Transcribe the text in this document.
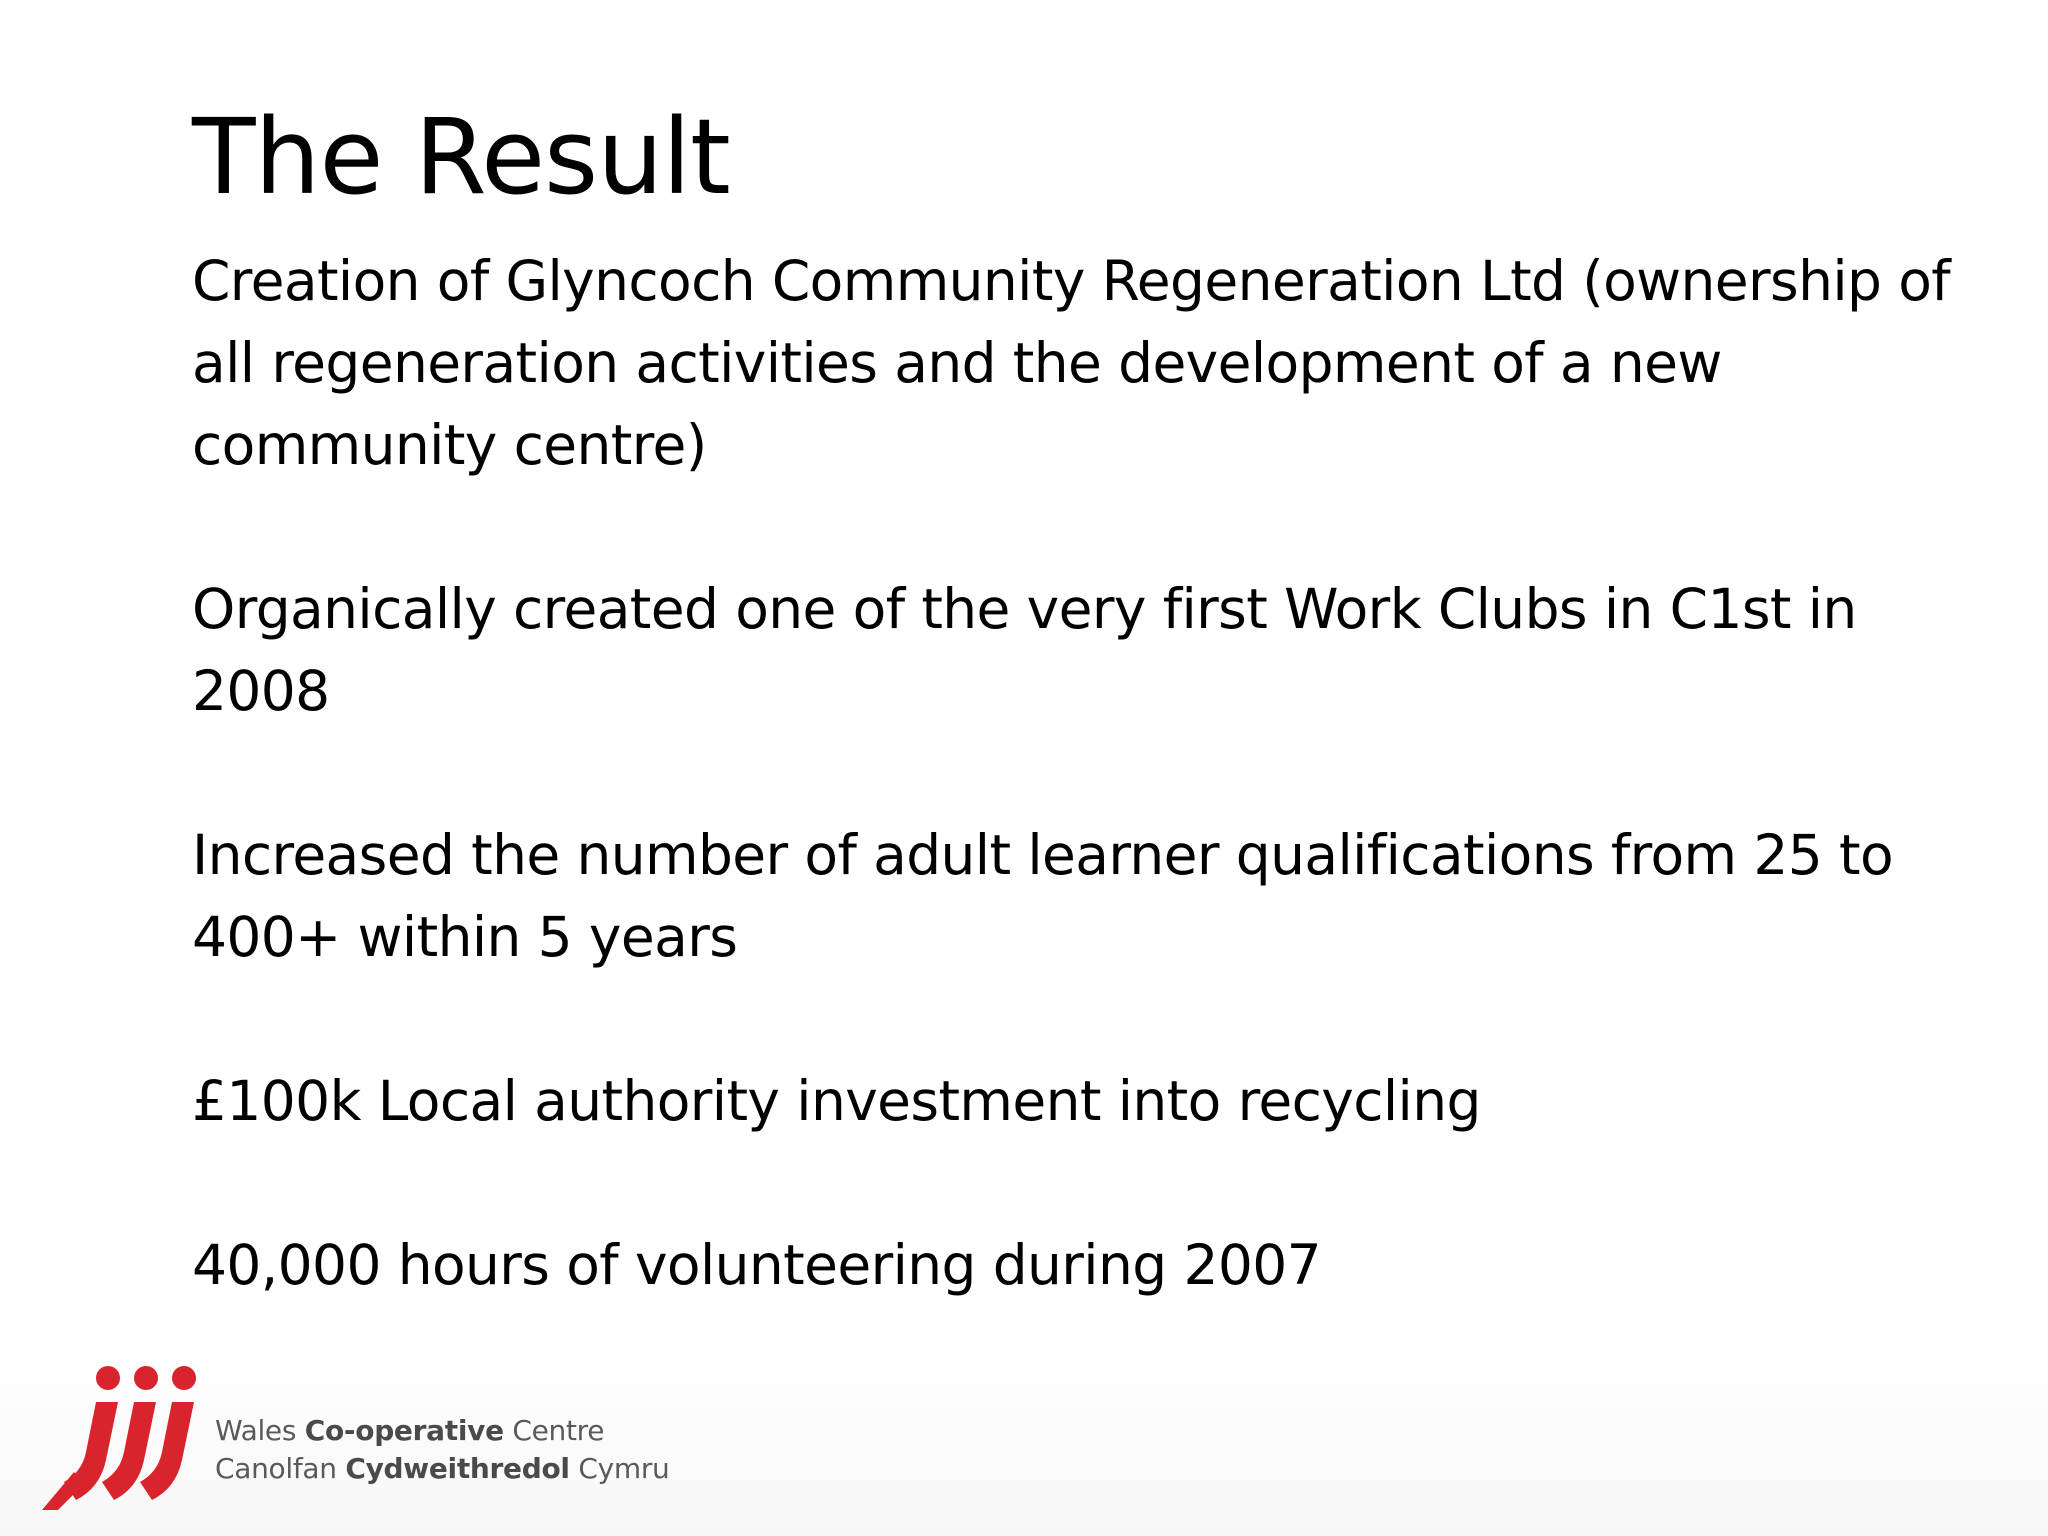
The Result

Creation of Glyncoch Community Regeneration Ltd (ownership of all regeneration activities and the development of a new community centre)

Organically created one of the very first Work Clubs in C1st in 2008

Increased the number of adult learner qualifications from 25 to 400+ within 5 years

£100k Local authority investment into recycling

40,000 hours of volunteering during 2007

Wales Co-operative Centre
Canolfan Cydweithredol Cymru
